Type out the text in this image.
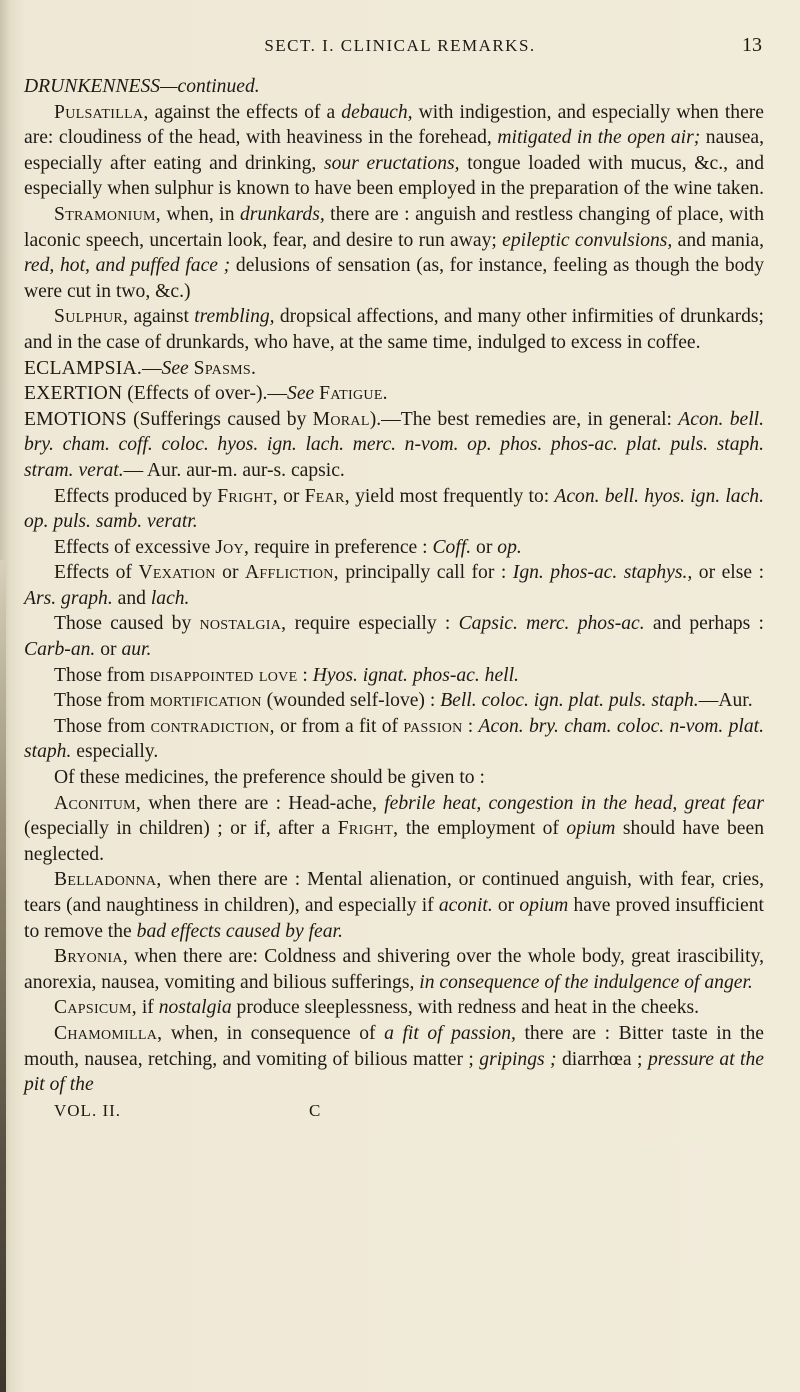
SECT. I. CLINICAL REMARKS.	13

DRUNKENNESS—continued.

Pulsatilla, against the effects of a debauch, with indigestion, and especially when there are: cloudiness of the head, with heaviness in the forehead, mitigated in the open air; nausea, especially after eating and drinking, sour eructations, tongue loaded with mucus, &c., and especially when sulphur is known to have been employed in the preparation of the wine taken.

Stramonium, when, in drunkards, there are : anguish and restless changing of place, with laconic speech, uncertain look, fear, and desire to run away; epileptic convulsions, and mania, red, hot, and puffed face ; delusions of sensation (as, for instance, feeling as though the body were cut in two, &c.)

Sulphur, against trembling, dropsical affections, and many other infirmities of drunkards; and in the case of drunkards, who have, at the same time, indulged to excess in coffee.

ECLAMPSIA.—See Spasms.

EXERTION (Effects of over-).—See Fatigue.

EMOTIONS (Sufferings caused by Moral).—The best remedies are, in general: Acon. bell. bry. cham. coff. coloc. hyos. ign. lach. merc. n-vom. op. phos. phos-ac. plat. puls. staph. stram. verat.— Aur. aur-m. aur-s. capsic.

Effects produced by Fright, or Fear, yield most frequently to: Acon. bell. hyos. ign. lach. op. puls. samb. veratr.

Effects of excessive Joy, require in preference : Coff. or op.

Effects of Vexation or Affliction, principally call for : Ign. phos-ac. staphys., or else : Ars. graph. and lach.

Those caused by nostalgia, require especially : Capsic. merc. phos-ac. and perhaps : Carb-an. or aur.

Those from disappointed love : Hyos. ignat. phos-ac. hell.

Those from mortification (wounded self-love) : Bell. coloc. ign. plat. puls. staph.—Aur.

Those from contradiction, or from a fit of passion : Acon. bry. cham. coloc. n-vom. plat. staph. especially.

Of these medicines, the preference should be given to :

Aconitum, when there are : Head-ache, febrile heat, congestion in the head, great fear (especially in children) ; or if, after a Fright, the employment of opium should have been neglected.

Belladonna, when there are : Mental alienation, or continued anguish, with fear, cries, tears (and naughtiness in children), and especially if aconit. or opium have proved insufficient to remove the bad effects caused by fear.

Bryonia, when there are: Coldness and shivering over the whole body, great irascibility, anorexia, nausea, vomiting and bilious sufferings, in consequence of the indulgence of anger.

Capsicum, if nostalgia produce sleeplessness, with redness and heat in the cheeks.

Chamomilla, when, in consequence of a fit of passion, there are : Bitter taste in the mouth, nausea, retching, and vomiting of bilious matter ; gripings ; diarrhœa ; pressure at the pit of the

VOL. II.	C
